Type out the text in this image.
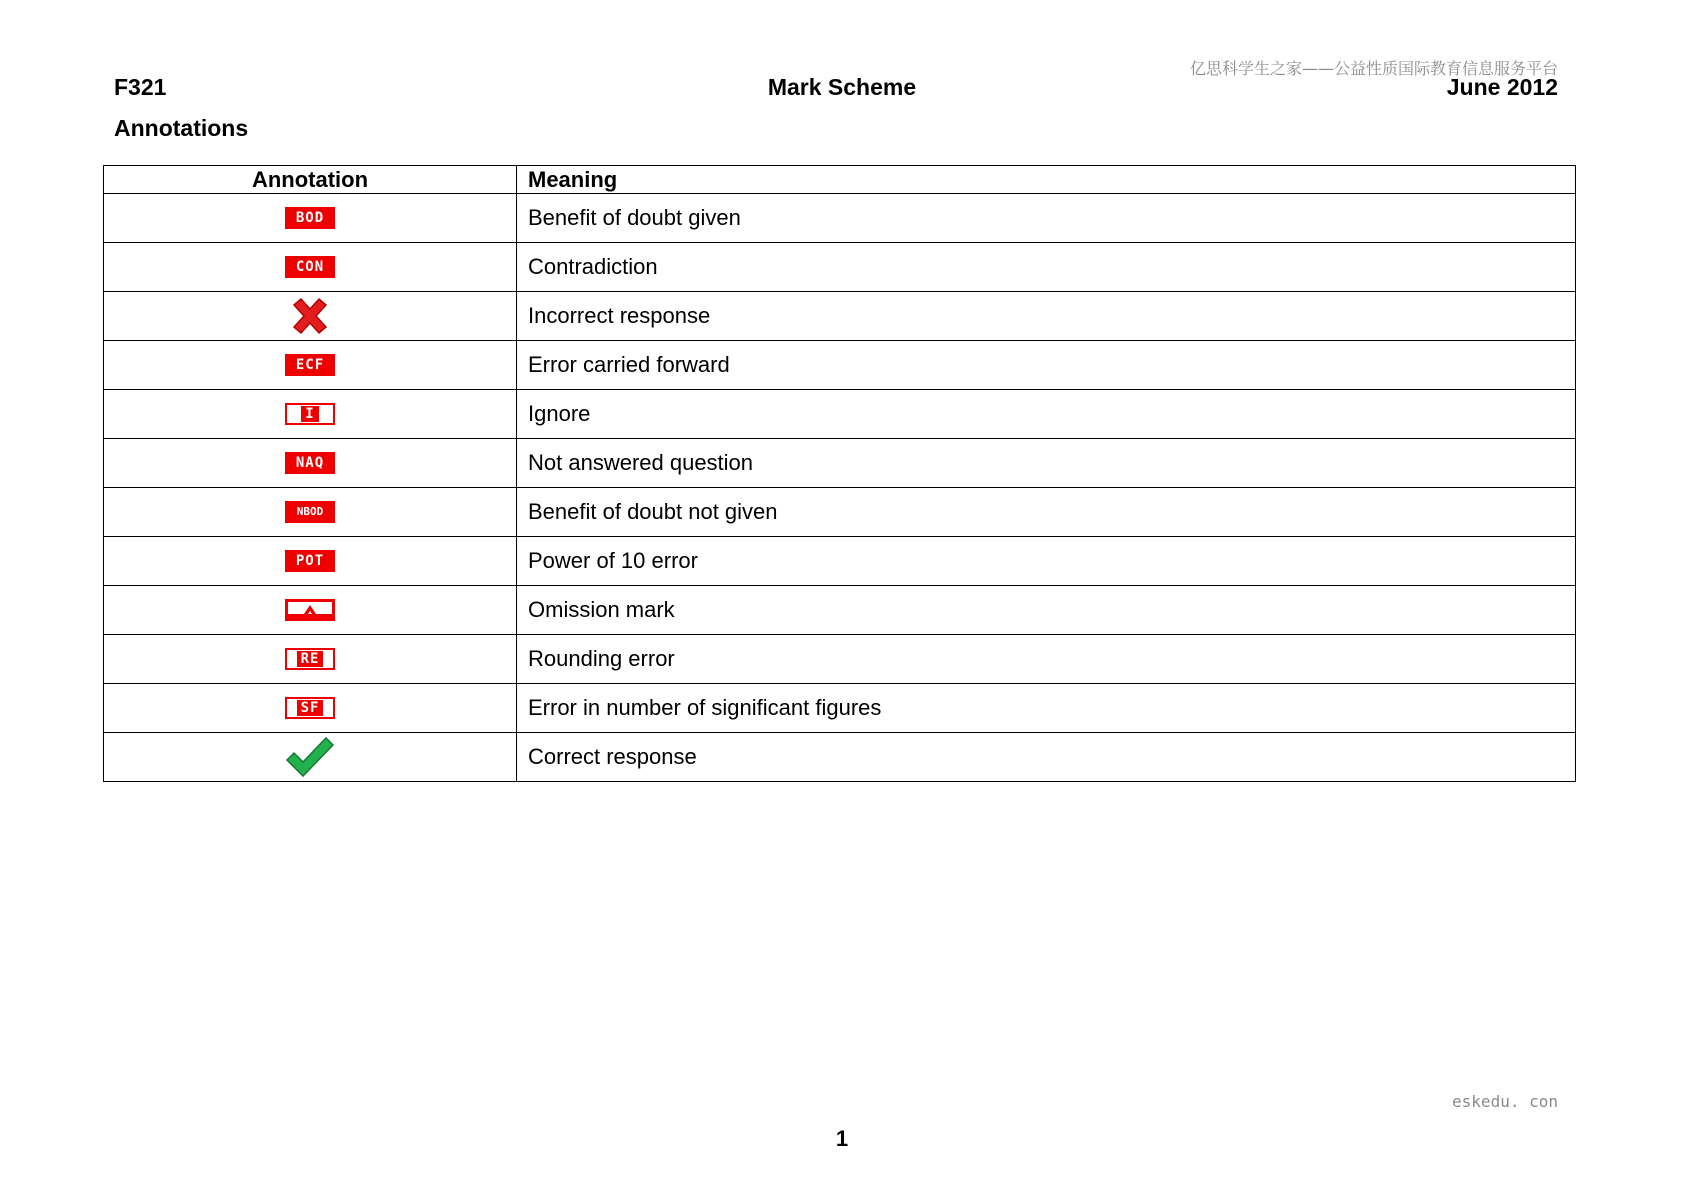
亿思科学生之家——公益性质国际教育信息服务平台
F321	Mark Scheme	June 2012
Annotations
Annotation	Meaning
BOD	Benefit of doubt given
CON	Contradiction
	Incorrect response
ECF	Error carried forward
I	Ignore
NAQ	Not answered question
NBOD	Benefit of doubt not given
POT	Power of 10 error
	Omission mark
RE	Rounding error
SF	Error in number of significant figures
	Correct response
eskedu. con
1
